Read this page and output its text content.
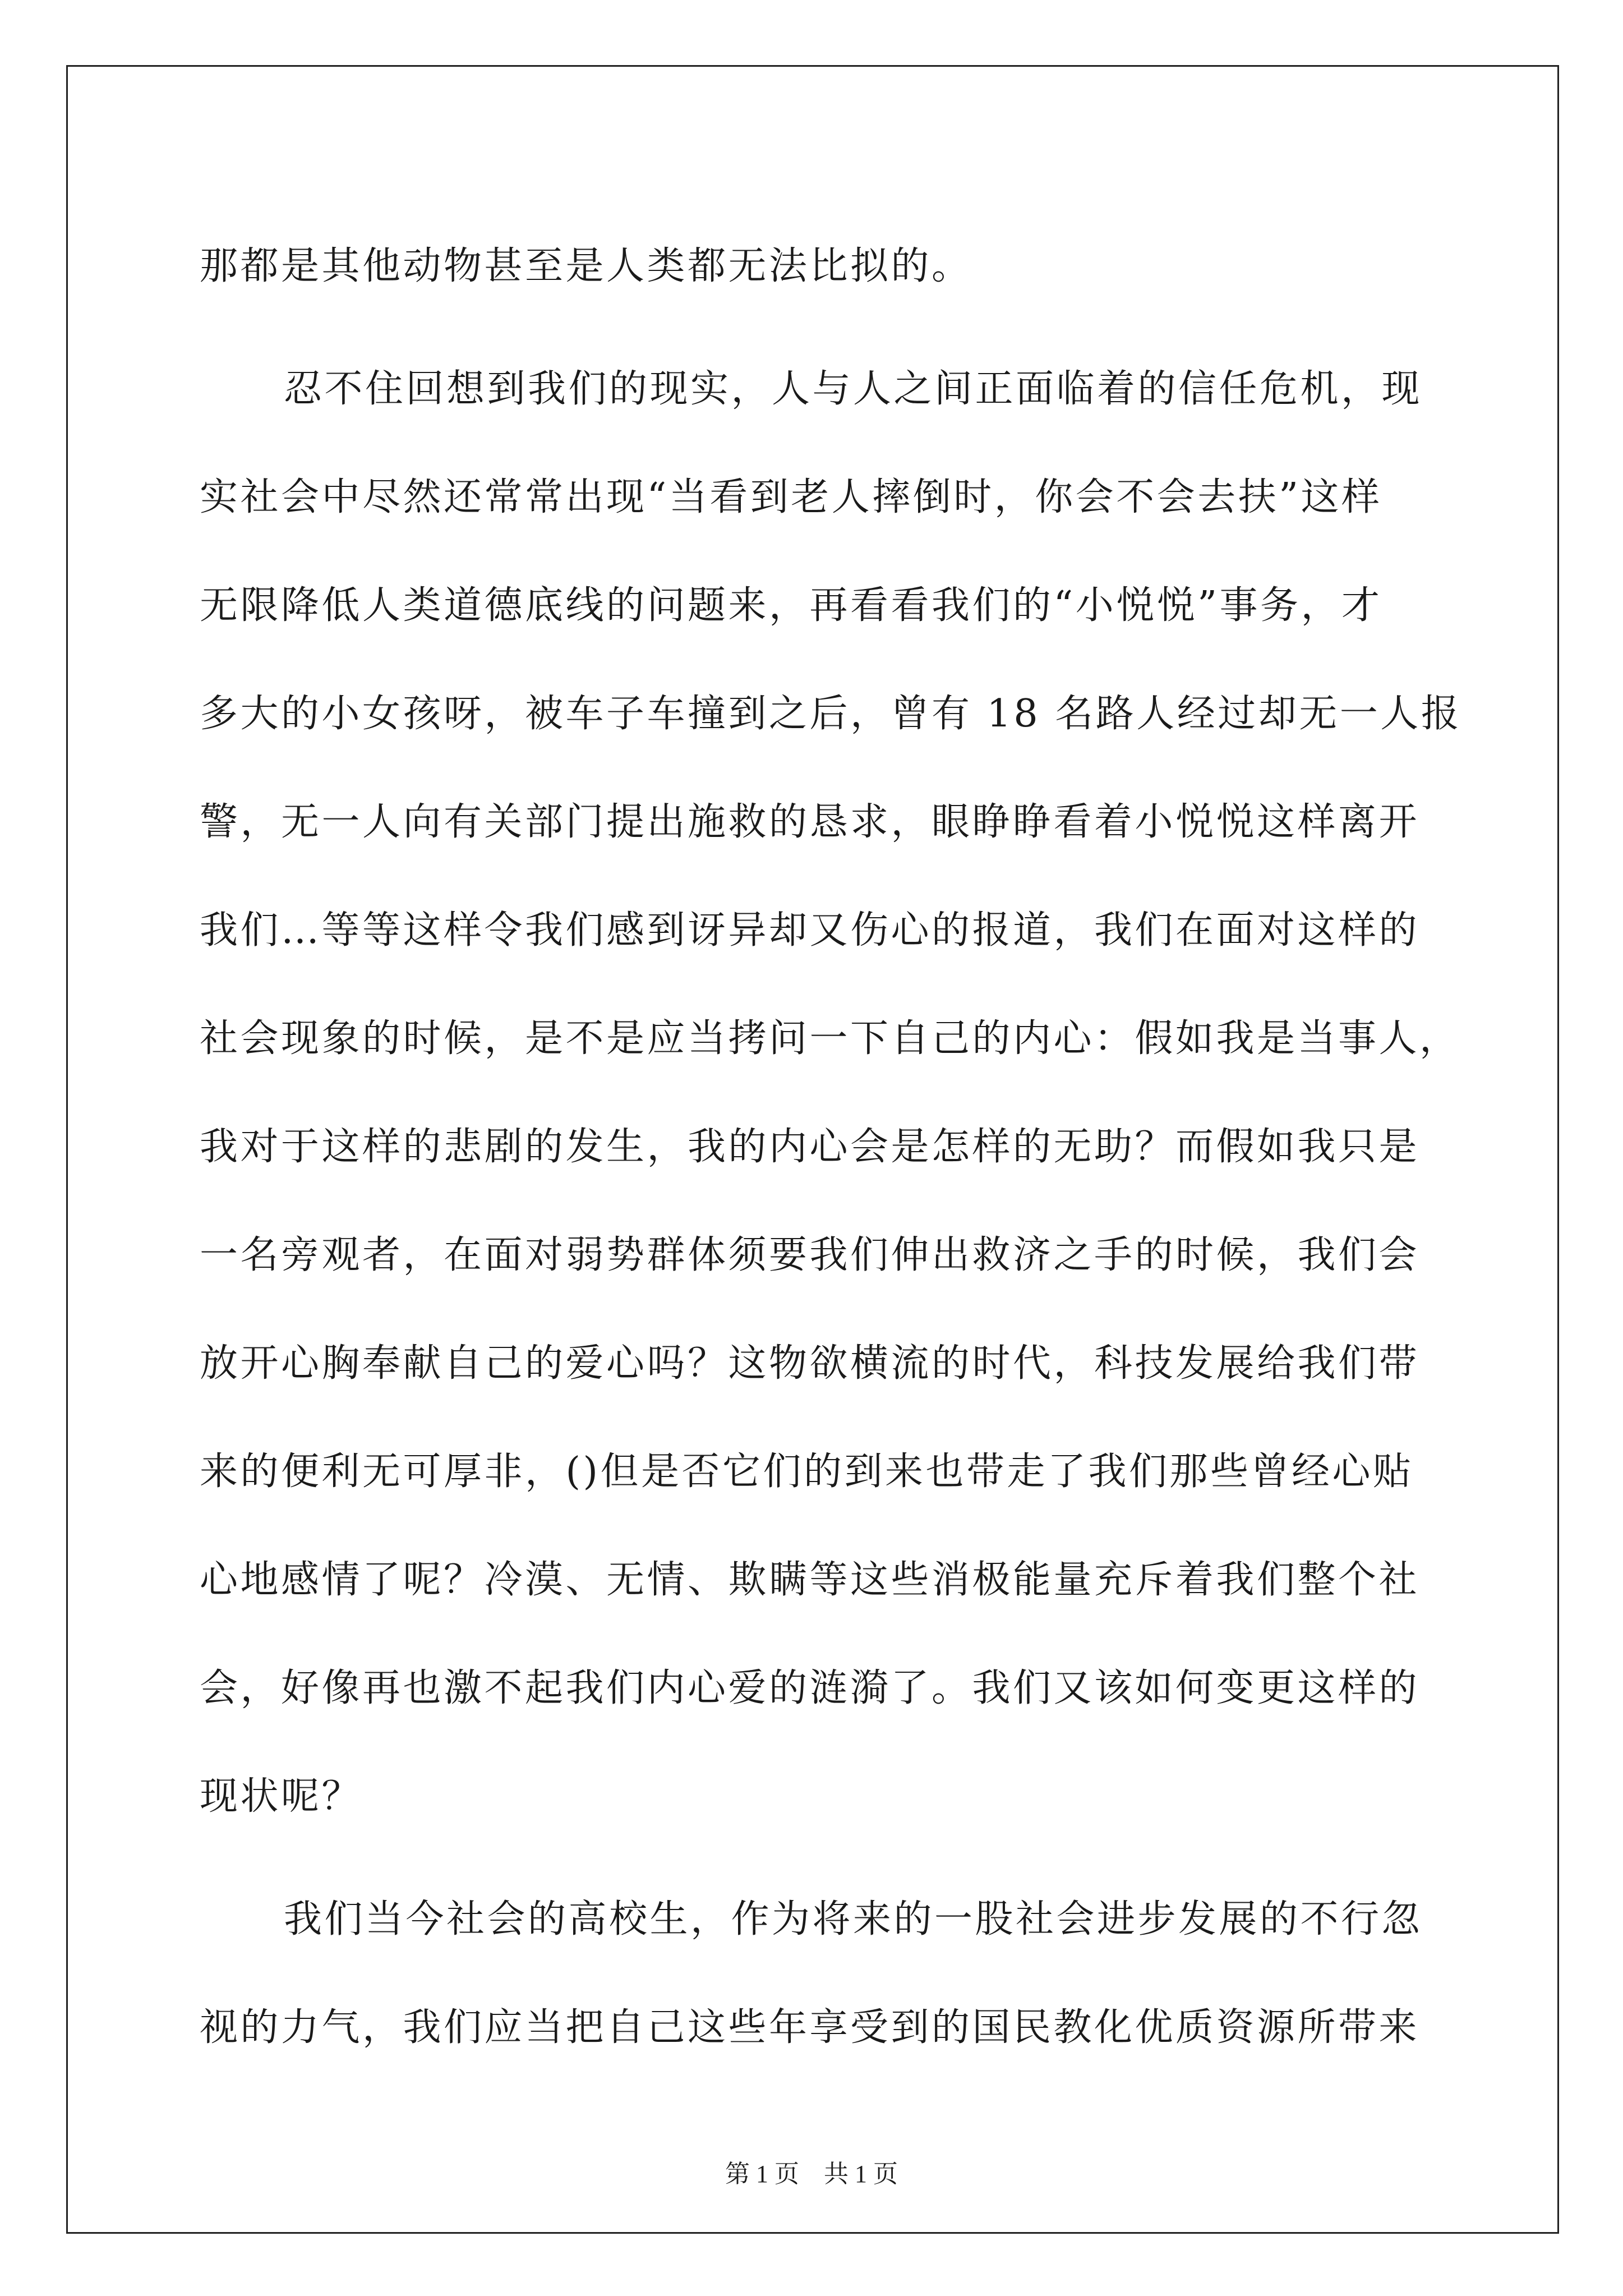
那都是其他动物甚至是人类都无法比拟的。
忍不住回想到我们的现实，人与人之间正面临着的信任危机，现
实社会中尽然还常常出现“当看到老人摔倒时，你会不会去扶”这样
无限降低人类道德底线的问题来，再看看我们的“小悦悦”事务，才
多大的小女孩呀，被车子车撞到之后，曾有 18 名路人经过却无一人报
警，无一人向有关部门提出施救的恳求，眼睁睁看着小悦悦这样离开
我们…等等这样令我们感到讶异却又伤心的报道，我们在面对这样的
社会现象的时候，是不是应当拷问一下自己的内心：假如我是当事人，
我对于这样的悲剧的发生，我的内心会是怎样的无助？而假如我只是
一名旁观者，在面对弱势群体须要我们伸出救济之手的时候，我们会
放开心胸奉献自己的爱心吗？这物欲横流的时代，科技发展给我们带
来的便利无可厚非，()但是否它们的到来也带走了我们那些曾经心贴
心地感情了呢？冷漠、无情、欺瞒等这些消极能量充斥着我们整个社
会，好像再也激不起我们内心爱的涟漪了。我们又该如何变更这样的
现状呢？
我们当今社会的高校生，作为将来的一股社会进步发展的不行忽
视的力气，我们应当把自己这些年享受到的国民教化优质资源所带来
第 1 页　共 1 页
